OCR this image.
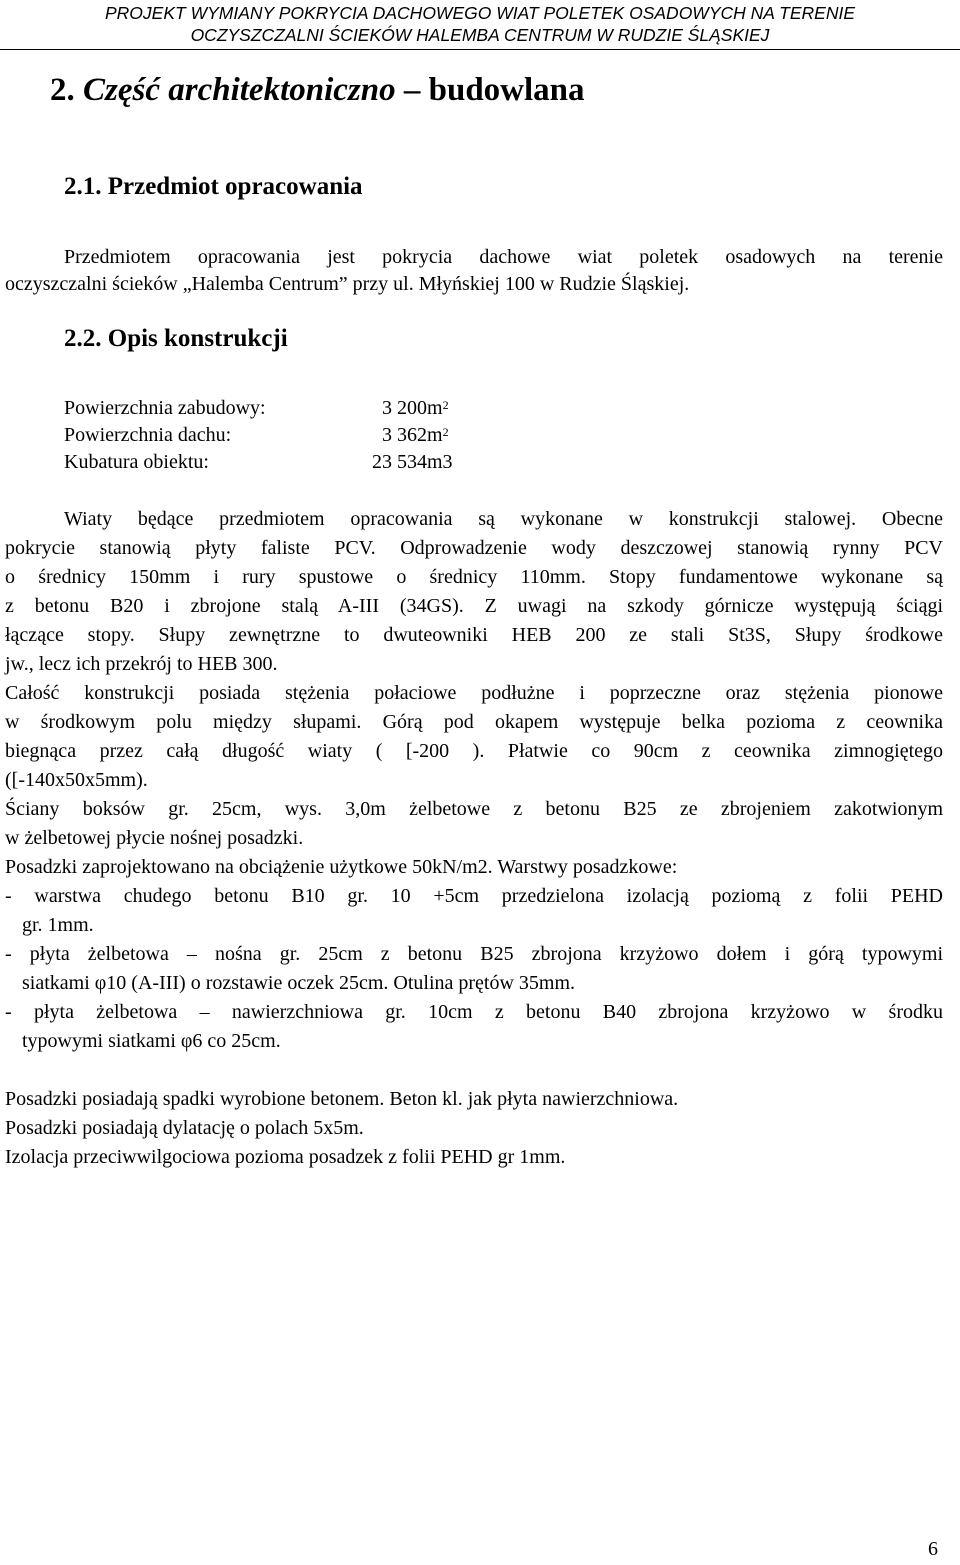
PROJEKT WYMIANY POKRYCIA DACHOWEGO WIAT POLETEK OSADOWYCH NA TERENIE
OCZYSZCZALNI ŚCIEKÓW HALEMBA CENTRUM W RUDZIE ŚLĄSKIEJ
2. Część architektoniczno – budowlana
2.1. Przedmiot opracowania
Przedmiotem opracowania jest pokrycia dachowe wiat poletek osadowych na terenie
oczyszczalni ścieków „Halemba Centrum” przy ul. Młyńskiej 100 w Rudzie Śląskiej.
2.2. Opis konstrukcji
Powierzchnia zabudowy:	3 $200m^2$
Powierzchnia dachu:	3 $362m^2$
Kubatura obiektu:	23 534m3
Wiaty będące przedmiotem opracowania są wykonane w konstrukcji stalowej. Obecne
pokrycie stanowią płyty faliste PCV. Odprowadzenie wody deszczowej stanowią rynny PCV
o średnicy 150mm i rury spustowe o średnicy 110mm. Stopy fundamentowe wykonane są
z betonu B20 i zbrojone stalą A-III (34GS). Z uwagi na szkody górnicze występują ściągi
łączące stopy. Słupy zewnętrzne to dwuteowniki HEB 200 ze stali St3S, Słupy środkowe
jw., lecz ich przekrój to HEB 300.
Całość konstrukcji posiada stężenia połaciowe podłużne i poprzeczne oraz stężenia pionowe
w środkowym polu między słupami. Górą pod okapem występuje belka pozioma z ceownika
biegnąca przez całą długość wiaty ( [-200 ). Płatwie co 90cm z ceownika zimnogiętego
([-140x50x5mm).
Ściany boksów gr. 25cm, wys. 3,0m żelbetowe z betonu B25 ze zbrojeniem zakotwionym
w żelbetowej płycie nośnej posadzki.
Posadzki zaprojektowano na obciążenie użytkowe 50kN/m2. Warstwy posadzkowe:
- warstwa chudego betonu B10 gr. 10 +5cm przedzielona izolacją poziomą z folii PEHD
gr. 1mm.
- płyta żelbetowa – nośna gr. 25cm z betonu B25 zbrojona krzyżowo dołem i górą typowymi
siatkami φ10 (A-III) o rozstawie oczek 25cm. Otulina prętów 35mm.
- płyta żelbetowa – nawierzchniowa gr. 10cm z betonu B40 zbrojona krzyżowo w środku
typowymi siatkami φ6 co 25cm.
Posadzki posiadają spadki wyrobione betonem. Beton kl. jak płyta nawierzchniowa.
Posadzki posiadają dylatację o polach 5x5m.
Izolacja przeciwwilgociowa pozioma posadzek z folii PEHD gr 1mm.
6
